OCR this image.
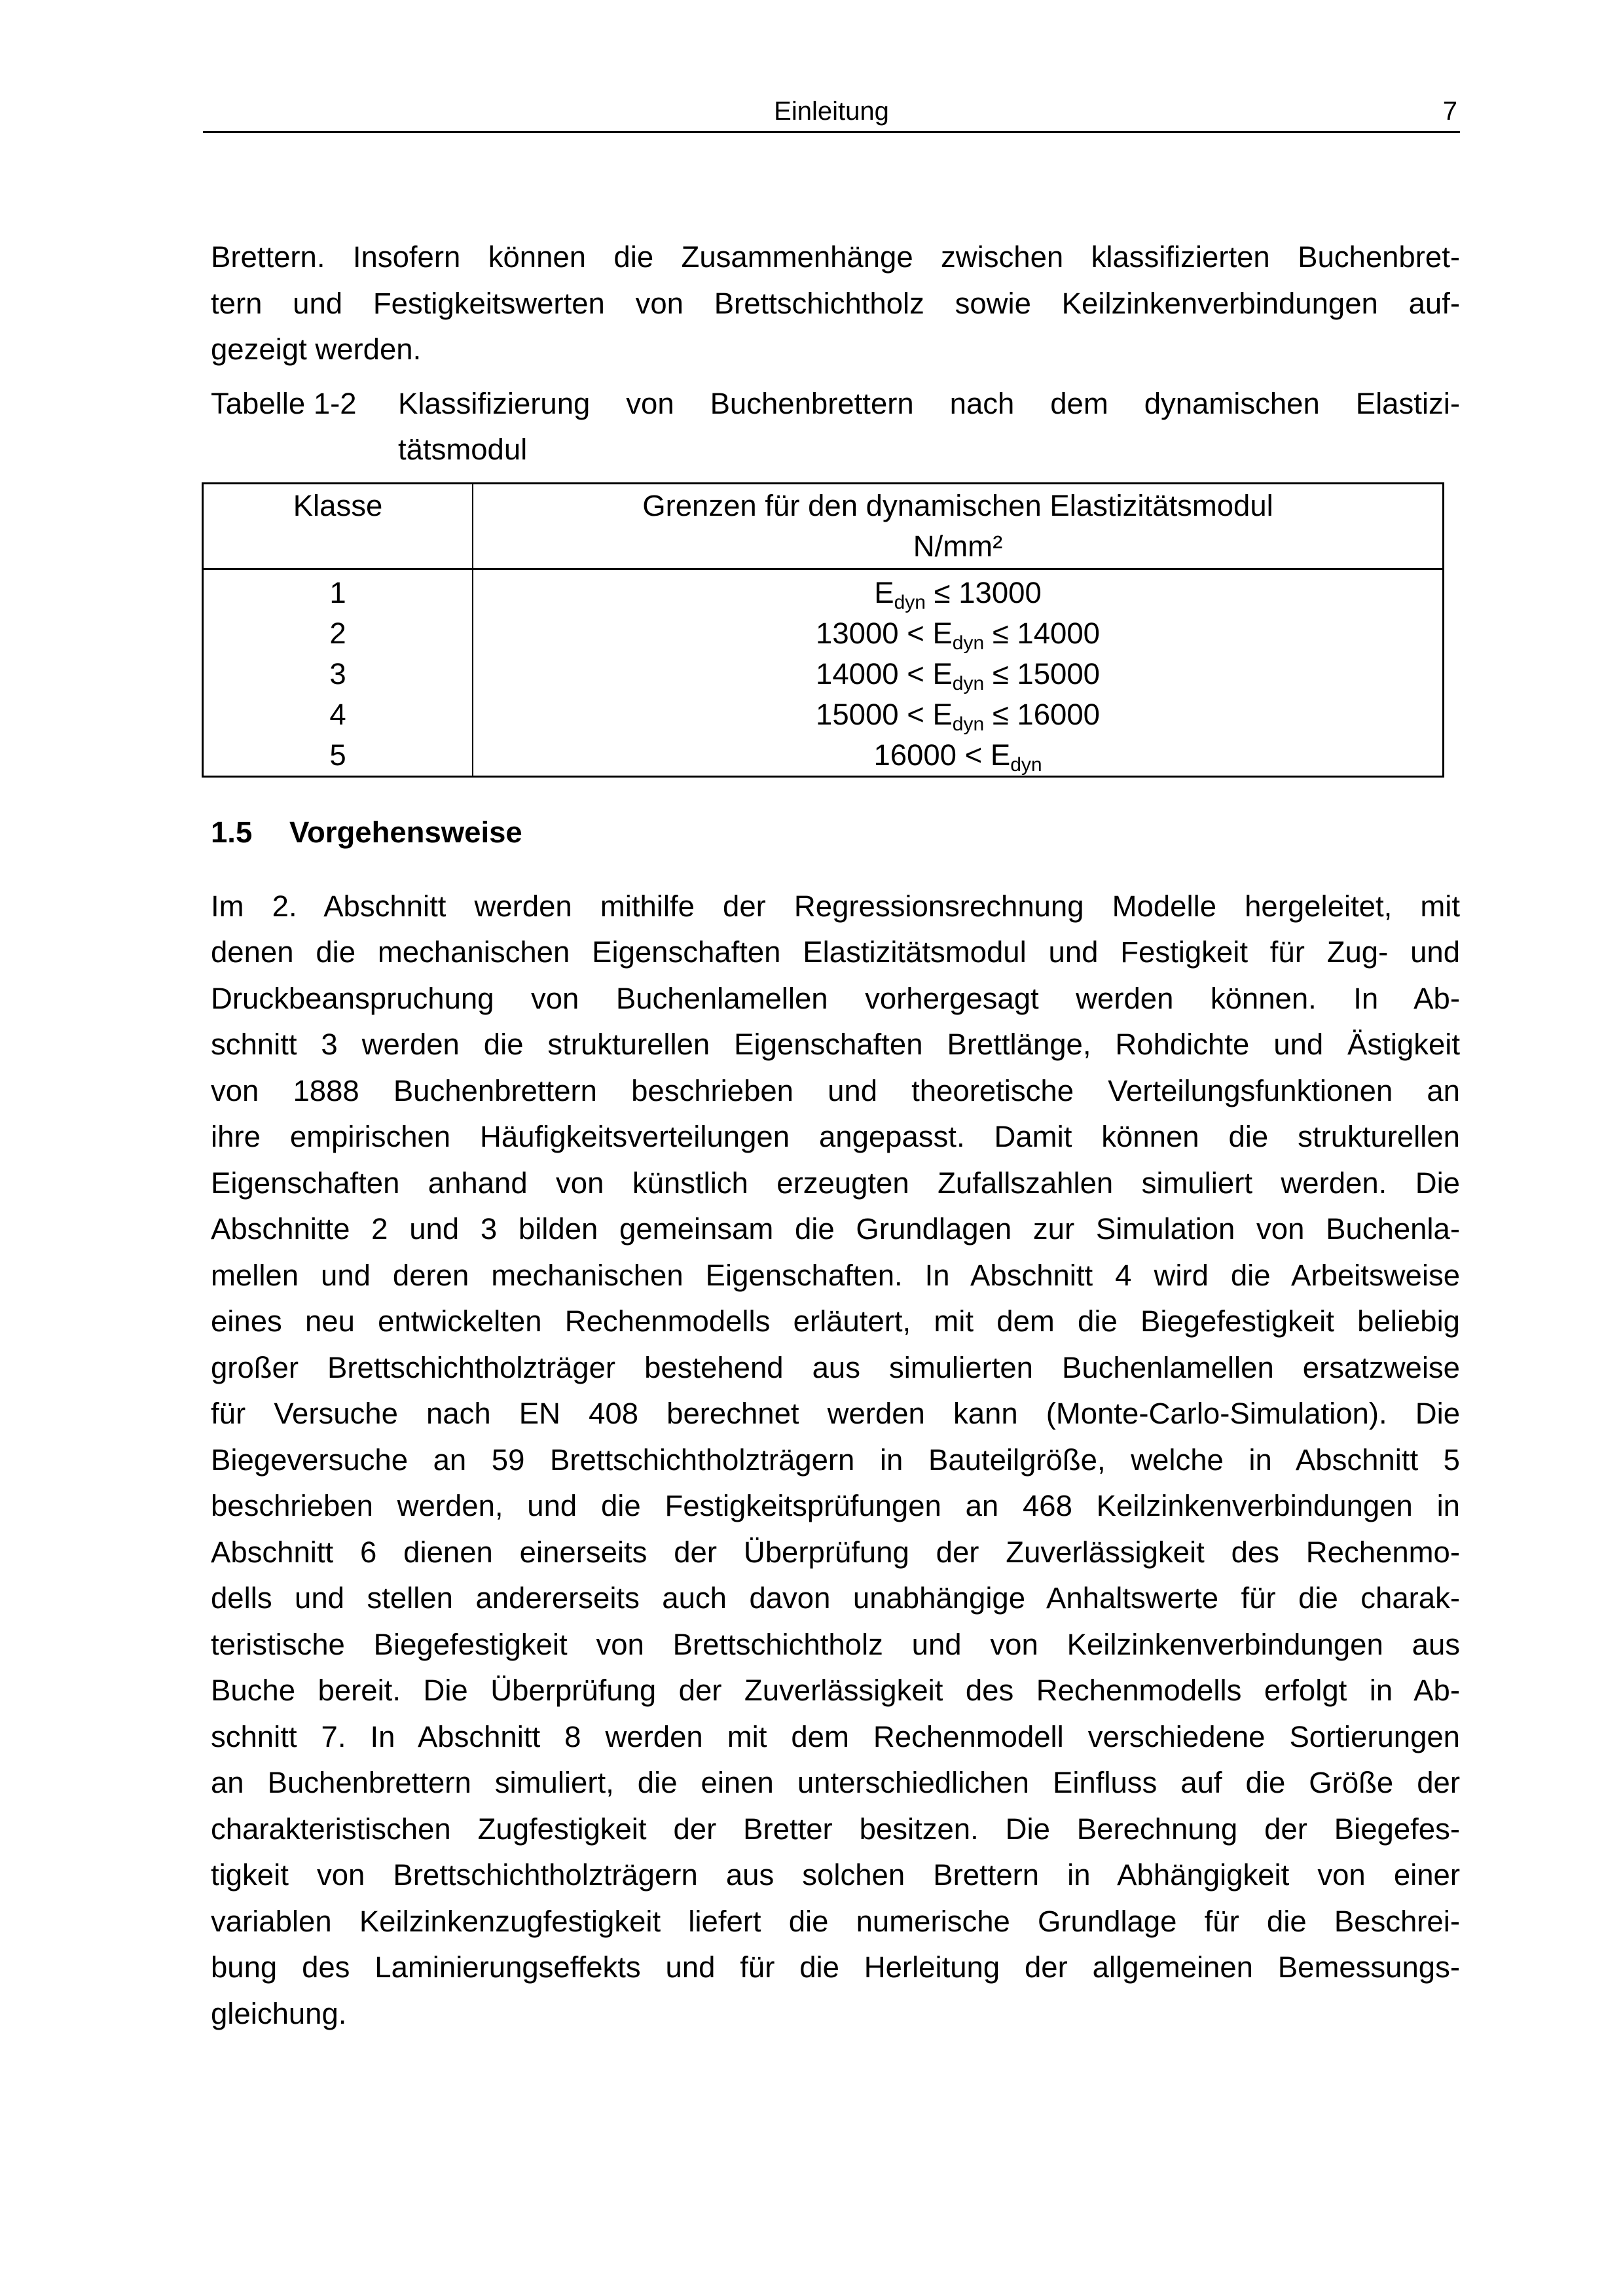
Einleitung	7

Brettern. Insofern können die Zusammenhänge zwischen klassifizierten Buchenbret-
tern und Festigkeitswerten von Brettschichtholz sowie Keilzinkenverbindungen auf-
gezeigt werden.

Tabelle 1-2	Klassifizierung von Buchenbrettern nach dem dynamischen Elastizi-
tätsmodul
Klasse	Grenzen für den dynamischen Elastizitätsmodul
N/mm²

1	$E_{dyn} \le 13000$
2	$13000 < E_{dyn} \le 14000$
3	$14000 < E_{dyn} \le 15000$
4	$15000 < E_{dyn} \le 16000$
5	$16000 < E_{dyn}$
1.5	Vorgehensweise

Im 2. Abschnitt werden mithilfe der Regressionsrechnung Modelle hergeleitet, mit
denen die mechanischen Eigenschaften Elastizitätsmodul und Festigkeit für Zug- und
Druckbeanspruchung von Buchenlamellen vorhergesagt werden können. In Ab-
schnitt 3 werden die strukturellen Eigenschaften Brettlänge, Rohdichte und Ästigkeit
von 1888 Buchenbrettern beschrieben und theoretische Verteilungsfunktionen an
ihre empirischen Häufigkeitsverteilungen angepasst. Damit können die strukturellen
Eigenschaften anhand von künstlich erzeugten Zufallszahlen simuliert werden. Die
Abschnitte 2 und 3 bilden gemeinsam die Grundlagen zur Simulation von Buchenla-
mellen und deren mechanischen Eigenschaften. In Abschnitt 4 wird die Arbeitsweise
eines neu entwickelten Rechenmodells erläutert, mit dem die Biegefestigkeit beliebig
großer Brettschichtholzträger bestehend aus simulierten Buchenlamellen ersatzweise
für Versuche nach EN 408 berechnet werden kann (Monte-Carlo-Simulation). Die
Biegeversuche an 59 Brettschichtholzträgern in Bauteilgröße, welche in Abschnitt 5
beschrieben werden, und die Festigkeitsprüfungen an 468 Keilzinkenverbindungen in
Abschnitt 6 dienen einerseits der Überprüfung der Zuverlässigkeit des Rechenmo-
dells und stellen andererseits auch davon unabhängige Anhaltswerte für die charak-
teristische Biegefestigkeit von Brettschichtholz und von Keilzinkenverbindungen aus
Buche bereit. Die Überprüfung der Zuverlässigkeit des Rechenmodells erfolgt in Ab-
schnitt 7. In Abschnitt 8 werden mit dem Rechenmodell verschiedene Sortierungen
an Buchenbrettern simuliert, die einen unterschiedlichen Einfluss auf die Größe der
charakteristischen Zugfestigkeit der Bretter besitzen. Die Berechnung der Biegefes-
tigkeit von Brettschichtholzträgern aus solchen Brettern in Abhängigkeit von einer
variablen Keilzinkenzugfestigkeit liefert die numerische Grundlage für die Beschrei-
bung des Laminierungseffekts und für die Herleitung der allgemeinen Bemessungs-
gleichung.
